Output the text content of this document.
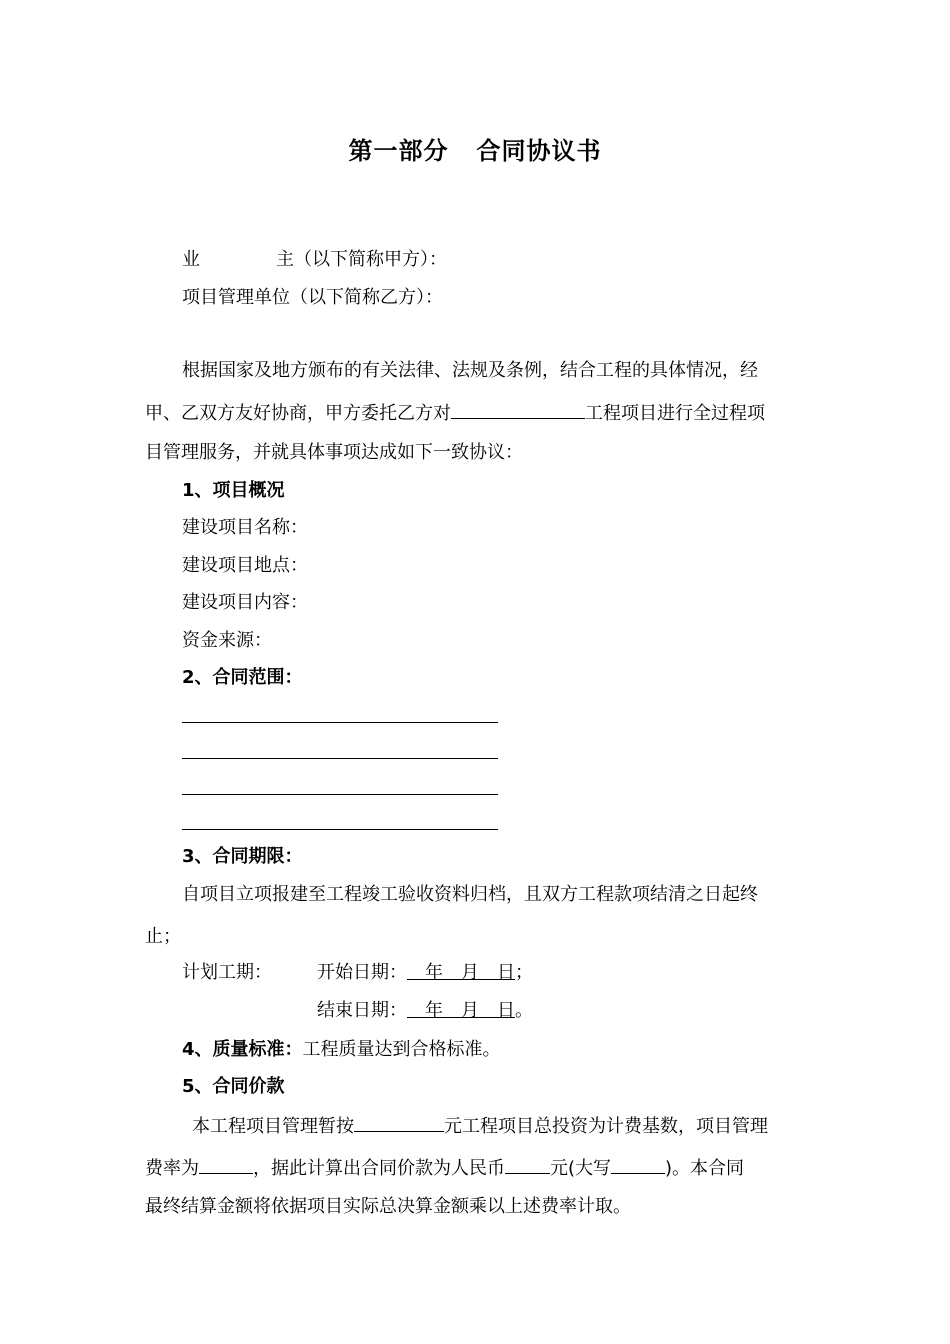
第一部分 合同协议书
业	主（以下简称甲方）：
项目管理单位（以下简称乙方）：
根据国家及地方颁布的有关法律、法规及条例，结合工程的具体情况，经
甲、乙双方友好协商，甲方委托乙方对	工程项目进行全过程项
目管理服务，并就具体事项达成如下一致协议：
1、项目概况
建设项目名称：
建设项目地点：
建设项目内容：
资金来源：
2、合同范围：
3、合同期限：
自项目立项报建至工程竣工验收资料归档，且双方工程款项结清之日起终
止；
计划工期：	开始日期：  年  月  日；
结束日期：  年  月  日。
4、质量标准：工程质量达到合格标准。
5、合同价款
本工程项目管理暂按	元工程项目总投资为计费基数，项目管理
费率为	，据此计算出合同价款为人民币	元(大写	)。本合同
最终结算金额将依据项目实际总决算金额乘以上述费率计取。
